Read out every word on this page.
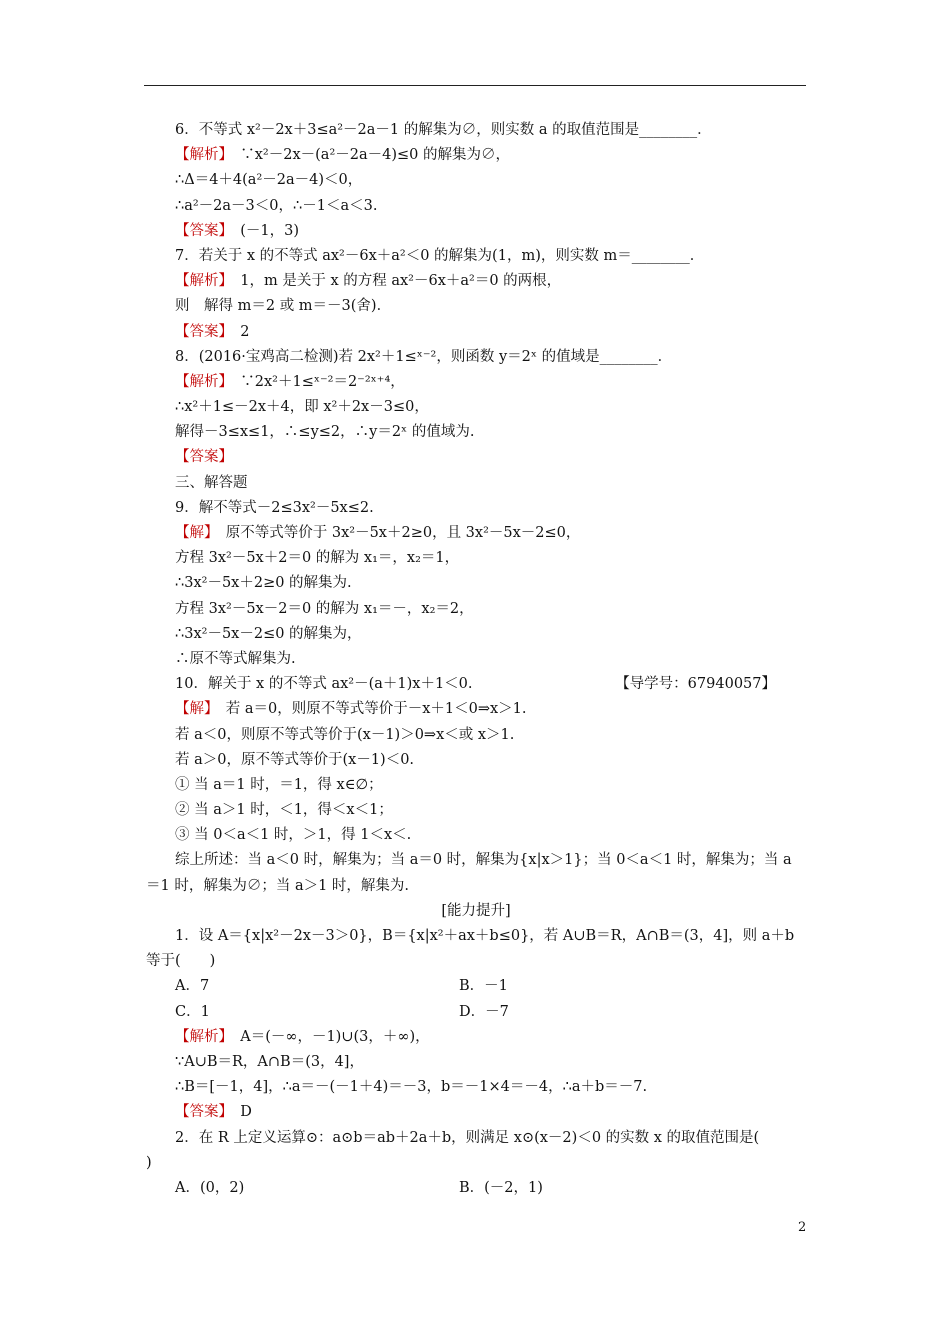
6．不等式 x²－2x＋3≤a²－2a－1 的解集为∅，则实数 a 的取值范围是________．
【解析】　 ∵x²－2x－(a²－2a－4)≤0 的解集为∅，
∴Δ＝4＋4(a²－2a－4)＜0，
∴a²－2a－3＜0，∴－1＜a＜3.
【答案】　 (－1，3)
7．若关于 x 的不等式 ax²－6x＋a²＜0 的解集为(1，m)，则实数 m＝________．
【解析】　 1，m 是关于 x 的方程 ax²－6x＋a²＝0 的两根，
则　解得 m＝2 或 m＝－3(舍)．
【答案】　 2
8．(2016·宝鸡高二检测)若 2x²＋1≤ˣ⁻²，则函数 y＝2ˣ 的值域是________．
【解析】　 ∵2x²＋1≤ˣ⁻²＝2⁻²ˣ⁺⁴，
∴x²＋1≤－2x＋4，即 x²＋2x－3≤0，
解得－3≤x≤1，∴≤y≤2，∴y＝2ˣ 的值域为.
【答案】
三、解答题
9．解不等式－2≤3x²－5x≤2.
【解】　 原不等式等价于 3x²－5x＋2≥0，且 3x²－5x－2≤0，
方程 3x²－5x＋2＝0 的解为 x₁＝，x₂＝1，
∴3x²－5x＋2≥0 的解集为.
方程 3x²－5x－2＝0 的解为 x₁＝－，x₂＝2，
∴3x²－5x－2≤0 的解集为，
∴原不等式解集为.
10．解关于 x 的不等式 ax²－(a＋1)x＋1＜0.	【导学号：67940057】
【解】　 若 a＝0，则原不等式等价于－x＋1＜0⇒x＞1.
若 a＜0，则原不等式等价于(x－1)＞0⇒x＜或 x＞1.
若 a＞0，原不等式等价于(x－1)＜0.
① 当 a＝1 时，＝1，得 x∈∅；
② 当 a＞1 时，＜1，得＜x＜1；
③ 当 0＜a＜1 时，＞1，得 1＜x＜.
综上所述：当 a＜0 时，解集为；当 a＝0 时，解集为{x|x＞1}；当 0＜a＜1 时，解集为；当 a
＝1 时，解集为∅；当 a＞1 时，解集为.
[能力提升]
1．设 A＝{x|x²－2x－3＞0}，B＝{x|x²＋ax＋b≤0}，若 A∪B＝R，A∩B＝(3，4]，则 a＋b
等于(　　)
A．7	B．－1
C．1	D．－7
【解析】　 A＝(－∞，－1)∪(3，＋∞)，
∵A∪B＝R，A∩B＝(3，4]，
∴B＝[－1，4]，∴a＝－(－1＋4)＝－3，b＝－1×4＝－4，∴a＋b＝－7.
【答案】　 D
2．在 R 上定义运算⊙：a⊙b＝ab＋2a＋b，则满足 x⊙(x－2)＜0 的实数 x 的取值范围是(
)
A．(0，2)	B．(－2，1)
2
